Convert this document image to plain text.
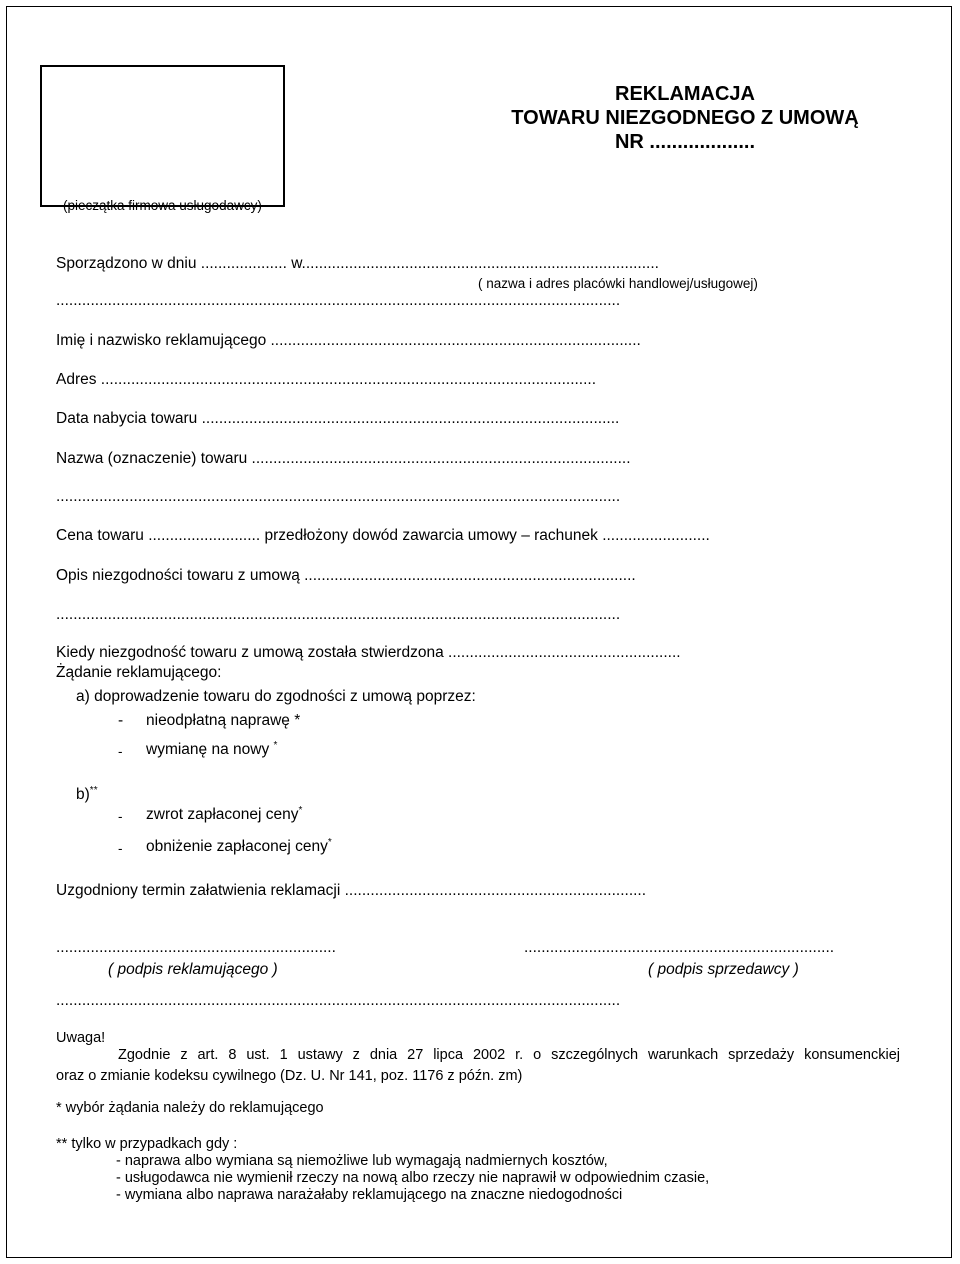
REKLAMACJA
TOWARU NIEZGODNEGO Z UMOWĄ
NR ...................
(pieczątka firmowa usługodawcy)
Sporządzono w dniu .................... w...................................................................................
( nazwa i adres placówki handlowej/usługowej)
...................................................................................................................................
Imię i nazwisko reklamującego ......................................................................................
Adres ...................................................................................................................
Data nabycia towaru .................................................................................................
Nazwa (oznaczenie) towaru ........................................................................................
...................................................................................................................................
Cena towaru .......................... przedłożony dowód zawarcia umowy – rachunek .........................
Opis niezgodności towaru z umową .............................................................................
...................................................................................................................................
Kiedy niezgodność towaru z umową została stwierdzona ......................................................
Żądanie reklamującego:
a) doprowadzenie towaru do zgodności z umową poprzez:
- nieodpłatną naprawę *
- wymianę na nowy *
b)**
- zwrot zapłaconej ceny*
- obniżenie zapłaconej ceny*
Uzgodniony termin załatwienia reklamacji ......................................................................
.................................................................	........................................................................
( podpis reklamującego )	( podpis sprzedawcy )
...................................................................................................................................
Uwaga!
Zgodnie z art. 8 ust. 1 ustawy z dnia 27 lipca 2002 r. o szczególnych warunkach sprzedaży konsumenckiej
oraz o zmianie kodeksu cywilnego (Dz. U. Nr 141, poz. 1176 z późn. zm)
* wybór żądania należy do reklamującego
** tylko w przypadkach gdy :
- naprawa albo wymiana są niemożliwe lub wymagają nadmiernych kosztów,
- usługodawca nie wymienił rzeczy na nową albo rzeczy nie naprawił w odpowiednim czasie,
- wymiana albo naprawa narażałaby reklamującego na znaczne niedogodności
